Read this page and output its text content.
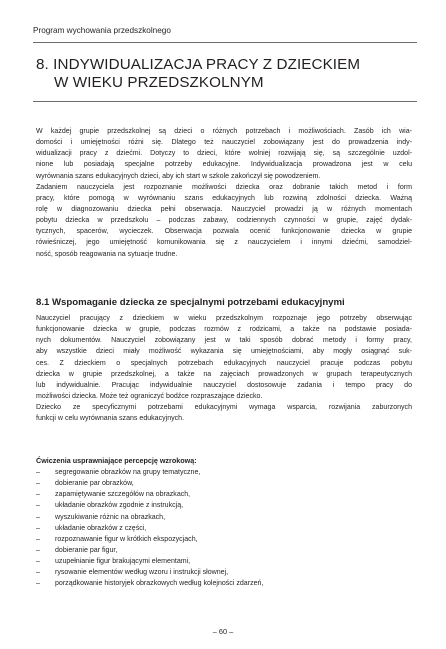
Program wychowania przedszkolnego
8. INDYWIDUALIZACJA PRACY Z DZIECKIEM
W WIEKU PRZEDSZKOLNYM
W każdej grupie przedszkolnej są dzieci o różnych potrzebach i możliwościach. Zasób ich wia-
domości i umiejętności różni się. Dlatego też nauczyciel zobowiązany jest do prowadzenia indy-
widualizacji pracy z dziećmi. Dotyczy to dzieci, które wolniej rozwijają się, są szczególnie uzdol-
nione lub posiadają specjalne potrzeby edukacyjne. Indywidualizacja prowadzona jest w celu
wyrównania szans edukacyjnych dzieci, aby ich start w szkole zakończył się powodzeniem.
Zadaniem nauczyciela jest rozpoznanie możliwości dziecka oraz dobranie takich metod i form
pracy, które pomogą w wyrównaniu szans edukacyjnych lub rozwiną zdolności dziecka. Ważną
rolę w diagnozowaniu dziecka pełni obserwacja. Nauczyciel prowadzi ją w różnych momentach
pobytu dziecka w przedszkolu – podczas zabawy, codziennych czynności w grupie, zajęć dydak-
tycznych, spacerów, wycieczek. Obserwacja pozwala ocenić funkcjonowanie dziecka w grupie
rówieśniczej, jego umiejętność komunikowania się z nauczycielem i innymi dziećmi, samodziel-
ność, sposób reagowania na sytuacje trudne.
8.1 Wspomaganie dziecka ze specjalnymi potrzebami edukacyjnymi
Nauczyciel pracujący z dzieckiem w wieku przedszkolnym rozpoznaje jego potrzeby obserwując
funkcjonowanie dziecka w grupie, podczas rozmów z rodzicami, a także na podstawie posiada-
nych dokumentów. Nauczyciel zobowiązany jest w taki sposób dobrać metody i formy pracy,
aby wszystkie dzieci miały możliwość wykazania się umiejętnościami, aby mogły osiągnąć suk-
ces. Z dzieckiem o specjalnych potrzebach edukacyjnych nauczyciel pracuje podczas pobytu
dziecka w grupie przedszkolnej, a także na zajęciach prowadzonych w grupach terapeutycznych
lub indywidualnie. Pracując indywidualnie nauczyciel dostosowuje zadania i tempo pracy do
możliwości dziecka. Może też ograniczyć bodźce rozpraszające dziecko.
Dziecko ze specyficznymi potrzebami edukacyjnymi wymaga wsparcia, rozwijania zaburzonych
funkcji w celu wyrównania szans edukacyjnych.
Ćwiczenia usprawniające percepcję wzrokową:
– segregowanie obrazków na grupy tematyczne,
– dobieranie par obrazków,
– zapamiętywanie szczegółów na obrazkach,
– układanie obrazków zgodnie z instrukcją,
– wyszukiwanie różnic na obrazkach,
– układanie obrazków z części,
– rozpoznawanie figur w krótkich ekspozycjach,
– dobieranie par figur,
– uzupełnianie figur brakującymi elementami,
– rysowanie elementów według wzoru i instrukcji słownej,
– porządkowanie historyjek obrazkowych według kolejności zdarzeń,
– 60 –
